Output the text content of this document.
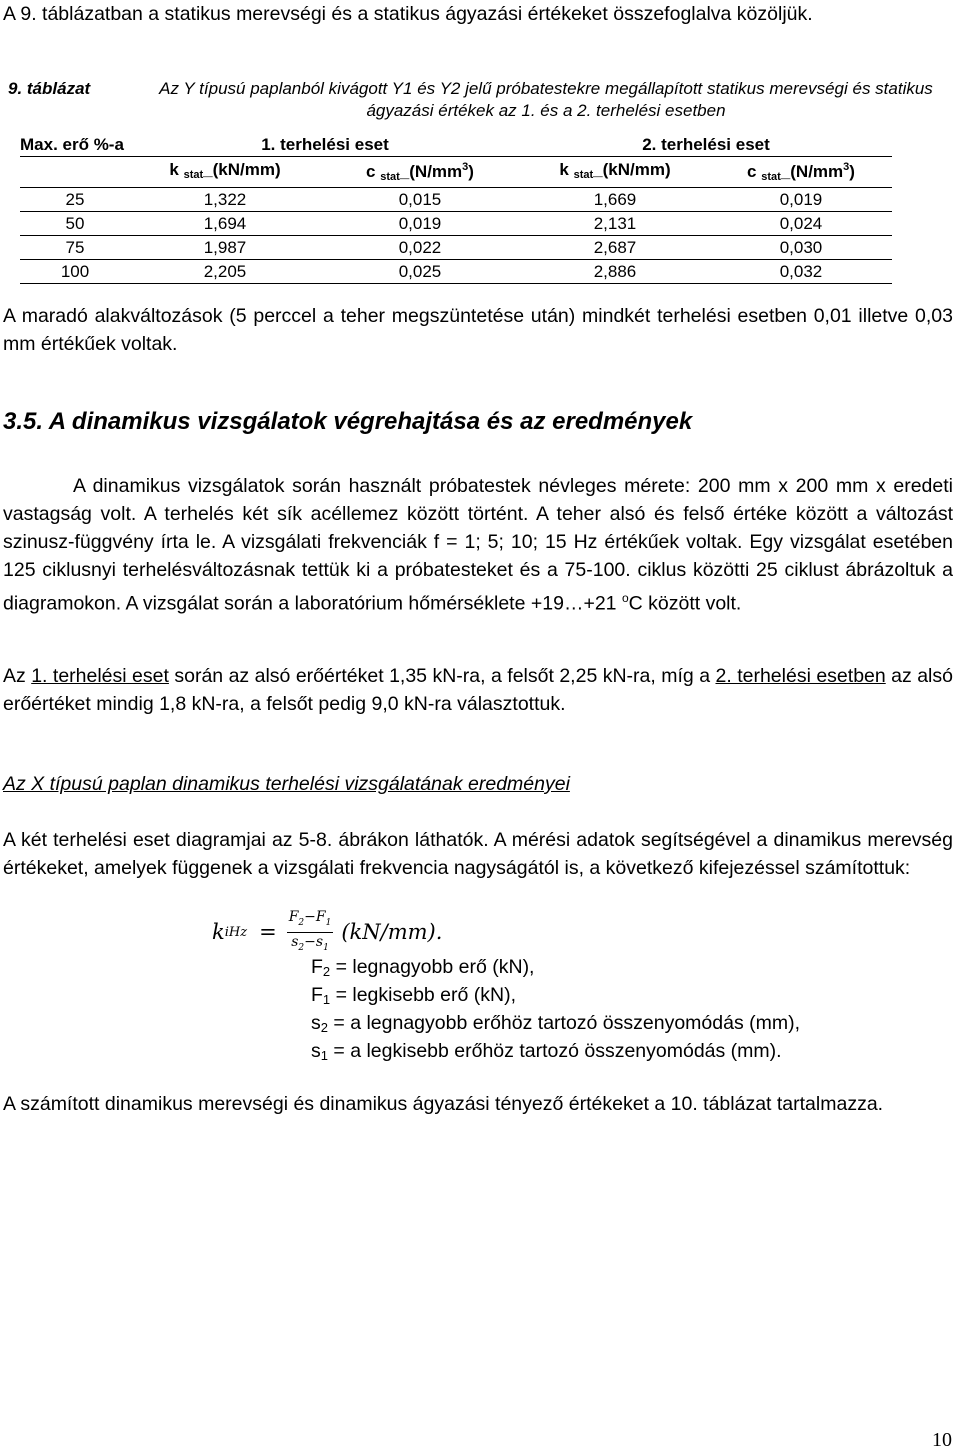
A 9. táblázatban a statikus merevségi és a statikus ágyazási értékeket összefoglalva közöljük.
9. táblázat	Az Y típusú paplanból kivágott Y1 és Y2 jelű próbatestekre megállapított statikus merevségi és statikus ágyazási értékek az 1. és a 2. terhelési esetben
Max. erő %-a	1. terhelési eset		2. terhelési eset	
	k $_{stat}$_(kN/mm)	c $_{stat}\_(N/mm^3)$	k $_{stat}$_(kN/mm)	c $_{stat}\_(N/mm^3)$
25	1,322	0,015	1,669	0,019
50	1,694	0,019	2,131	0,024
75	1,987	0,022	2,687	0,030
100	2,205	0,025	2,886	0,032
A maradó alakváltozások (5 perccel a teher megszüntetése után) mindkét terhelési esetben 0,01 illetve 0,03 mm értékűek voltak.
3.5. A dinamikus vizsgálatok végrehajtása és az eredmények
A dinamikus vizsgálatok során használt próbatestek névleges mérete: 200 mm x 200 mm x eredeti vastagság volt. A terhelés két sík acéllemez között történt. A teher alsó és felső értéke között a változást szinusz-függvény írta le. A vizsgálati frekvenciák f = 1; 5; 10; 15 Hz értékűek voltak. Egy vizsgálat esetében 125 ciklusnyi terhelésváltozásnak tettük ki a próbatesteket és a 75-100. ciklus közötti 25 ciklust ábrázoltuk a diagramokon. A vizsgálat során a laboratórium hőmérséklete +19…+21 $^o$C között volt.
Az 1. terhelési eset során az alsó erőértéket 1,35 kN-ra, a felsőt 2,25 kN-ra, míg a 2. terhelési esetben az alsó erőértéket mindig 1,8 kN-ra, a felsőt pedig 9,0 kN-ra választottuk.
Az X típusú paplan dinamikus terhelési vizsgálatának eredményei
A két terhelési eset diagramjai az 5-8. ábrákon láthatók. A mérési adatok segítségével a dinamikus merevség értékeket, amelyek függenek a vizsgálati frekvencia nagyságától is, a következő kifejezéssel számítottuk:
k iHz = $\frac{F_2-F_1}{s_2-s_1} (kN/mm)$.
$F_2$ = legnagyobb erő (kN),
$F_1$ = legkisebb erő (kN),
$s_2 = a$ legnagyobb erőhöz tartozó összenyomódás (mm),
$s_1 = a$ legkisebb erőhöz tartozó összenyomódás (mm).
A számított dinamikus merevségi és dinamikus ágyazási tényező értékeket a 10. táblázat tartalmazza.
10
